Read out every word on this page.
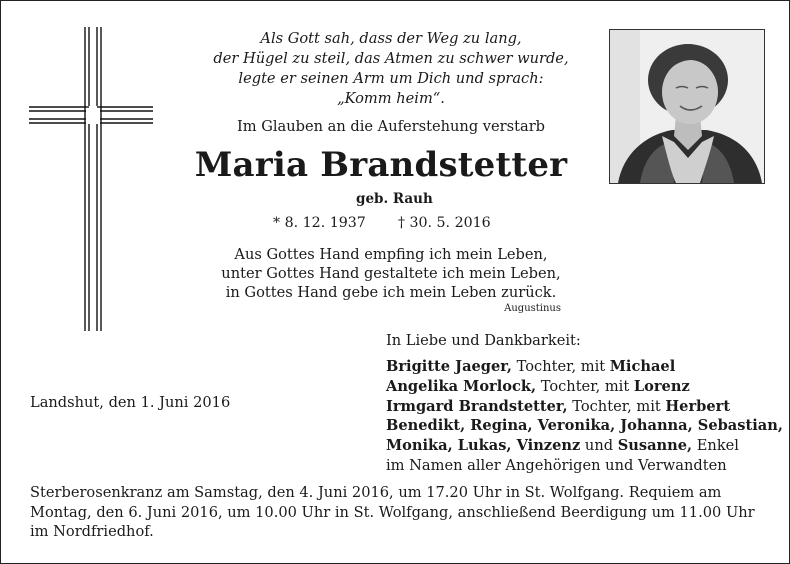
Als Gott sah, dass der Weg zu lang,
der Hügel zu steil, das Atmen zu schwer wurde,
legte er seinen Arm um Dich und sprach:
„Komm heim“.
Im Glauben an die Auferstehung verstarb
Maria Brandstetter
geb. Rauh
* 8. 12. 1937 † 30. 5. 2016
Aus Gottes Hand empfing ich mein Leben,
unter Gottes Hand gestaltete ich mein Leben,
in Gottes Hand gebe ich mein Leben zurück.
Augustinus
Landshut, den 1. Juni 2016
In Liebe und Dankbarkeit:
Brigitte Jaeger, Tochter, mit Michael
Angelika Morlock, Tochter, mit Lorenz
Irmgard Brandstetter, Tochter, mit Herbert
Benedikt, Regina, Veronika, Johanna, Sebastian,
Monika, Lukas, Vinzenz und Susanne, Enkel
im Namen aller Angehörigen und Verwandten
Sterberosenkranz am Samstag, den 4. Juni 2016, um 17.20 Uhr in St. Wolfgang. Requiem am
Montag, den 6. Juni 2016, um 10.00 Uhr in St. Wolfgang, anschließend Beerdigung um 11.00 Uhr
im Nordfriedhof.
